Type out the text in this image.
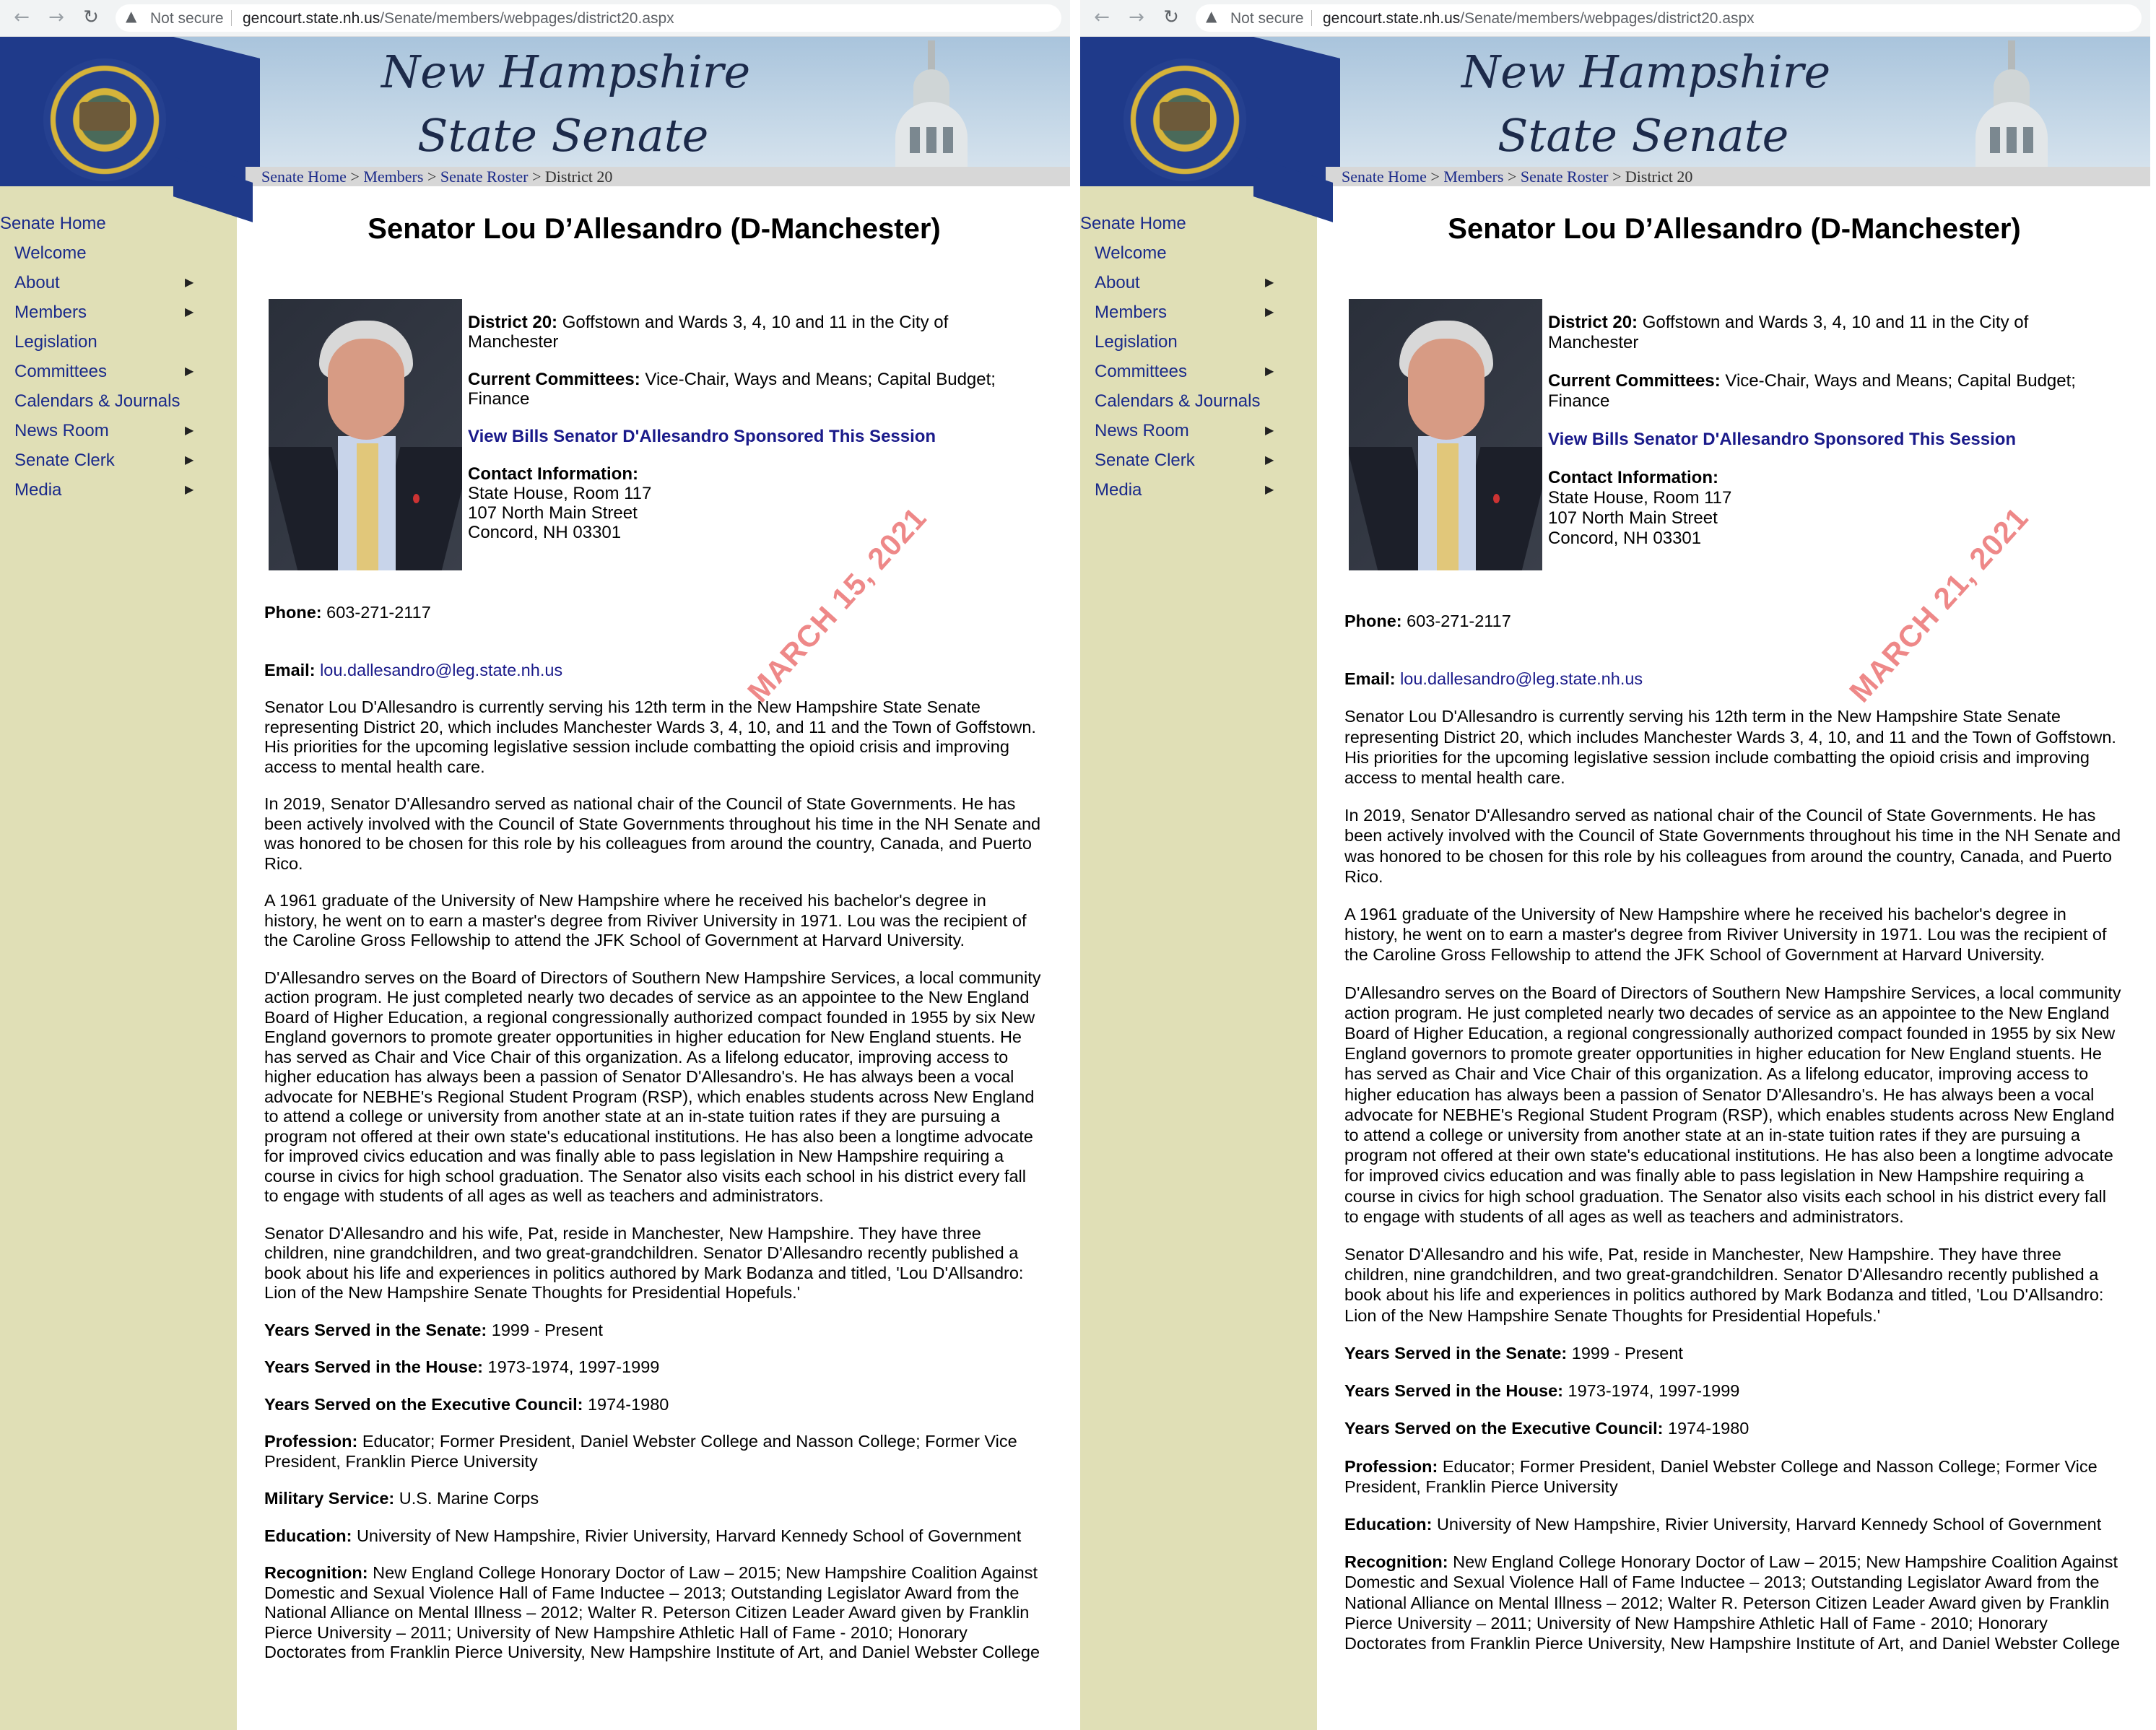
← → ↻ ▲ Not secure gencourt.state.nh.us/Senate/members/webpages/district20.aspx
New Hampshire
State Senate
Senate Home > Members > Senate Roster > District 20
Senate Home
Welcome
About	▶
Members	▶
Legislation
Committees	▶
Calendars & Journals
News Room	▶
Senate Clerk	▶
Media	▶
Senator Lou D’Allesandro (D-Manchester)

District 20: Goffstown and Wards 3, 4, 10 and 11 in the City of Manchester

Current Committees: Vice-Chair, Ways and Means; Capital Budget; Finance

View Bills Senator D'Allesandro Sponsored This Session

Contact Information:
State House, Room 117
107 North Main Street
Concord, NH 03301	MARCH 15, 2021

Phone: 603-271-2117

Email: lou.dallesandro@leg.state.nh.us

Senator Lou D'Allesandro is currently serving his 12th term in the New Hampshire State Senate representing District 20, which includes Manchester Wards 3, 4, 10, and 11 and the Town of Goffstown. His priorities for the upcoming legislative session include combatting the opioid crisis and improving access to mental health care.

In 2019, Senator D'Allesandro served as national chair of the Council of State Governments. He has been actively involved with the Council of State Governments throughout his time in the NH Senate and was honored to be chosen for this role by his colleagues from around the country, Canada, and Puerto Rico.

A 1961 graduate of the University of New Hampshire where he received his bachelor's degree in history, he went on to earn a master's degree from Riviver University in 1971. Lou was the recipient of the Caroline Gross Fellowship to attend the JFK School of Government at Harvard University.

D'Allesandro serves on the Board of Directors of Southern New Hampshire Services, a local community action program. He just completed nearly two decades of service as an appointee to the New England Board of Higher Education, a regional congressionally authorized compact founded in 1955 by six New England governors to promote greater opportunities in higher education for New England stuents. He has served as Chair and Vice Chair of this organization. As a lifelong educator, improving access to higher education has always been a passion of Senator D'Allesandro's. He has always been a vocal advocate for NEBHE's Regional Student Program (RSP), which enables students across New England to attend a college or university from another state at an in-state tuition rates if they are pursuing a program not offered at their own state's educational institutions. He has also been a longtime advocate for improved civics education and was finally able to pass legislation in New Hampshire requiring a course in civics for high school graduation. The Senator also visits each school in his district every fall to engage with students of all ages as well as teachers and administrators.

Senator D'Allesandro and his wife, Pat, reside in Manchester, New Hampshire. They have three children, nine grandchildren, and two great-grandchildren. Senator D'Allesandro recently published a book about his life and experiences in politics authored by Mark Bodanza and titled, 'Lou D'Allsandro: Lion of the New Hampshire Senate Thoughts for Presidential Hopefuls.'

Years Served in the Senate: 1999 - Present

Years Served in the House: 1973-1974, 1997-1999

Years Served on the Executive Council: 1974-1980

Profession: Educator; Former President, Daniel Webster College and Nasson College; Former Vice President, Franklin Pierce University

Military Service: U.S. Marine Corps

Education: University of New Hampshire, Rivier University, Harvard Kennedy School of Government

Recognition: New England College Honorary Doctor of Law – 2015; New Hampshire Coalition Against Domestic and Sexual Violence Hall of Fame Inductee – 2013; Outstanding Legislator Award from the National Alliance on Mental Illness – 2012; Walter R. Peterson Citizen Leader Award given by Franklin Pierce University – 2011; University of New Hampshire Athletic Hall of Fame - 2010; Honorary Doctorates from Franklin Pierce University, New Hampshire Institute of Art, and Daniel Webster College

← → ↻ ▲ Not secure gencourt.state.nh.us/Senate/members/webpages/district20.aspx
New Hampshire
State Senate
Senate Home > Members > Senate Roster > District 20
Senate Home
Welcome
About	▶
Members	▶
Legislation
Committees	▶
Calendars & Journals
News Room	▶
Senate Clerk	▶
Media	▶
Senator Lou D’Allesandro (D-Manchester)

District 20: Goffstown and Wards 3, 4, 10 and 11 in the City of Manchester

Current Committees: Vice-Chair, Ways and Means; Capital Budget; Finance

View Bills Senator D'Allesandro Sponsored This Session

Contact Information:
State House, Room 117
107 North Main Street
Concord, NH 03301	MARCH 21, 2021

Phone: 603-271-2117

Email: lou.dallesandro@leg.state.nh.us

Senator Lou D'Allesandro is currently serving his 12th term in the New Hampshire State Senate representing District 20, which includes Manchester Wards 3, 4, 10, and 11 and the Town of Goffstown. His priorities for the upcoming legislative session include combatting the opioid crisis and improving access to mental health care.

In 2019, Senator D'Allesandro served as national chair of the Council of State Governments. He has been actively involved with the Council of State Governments throughout his time in the NH Senate and was honored to be chosen for this role by his colleagues from around the country, Canada, and Puerto Rico.

A 1961 graduate of the University of New Hampshire where he received his bachelor's degree in history, he went on to earn a master's degree from Riviver University in 1971. Lou was the recipient of the Caroline Gross Fellowship to attend the JFK School of Government at Harvard University.

D'Allesandro serves on the Board of Directors of Southern New Hampshire Services, a local community action program. He just completed nearly two decades of service as an appointee to the New England Board of Higher Education, a regional congressionally authorized compact founded in 1955 by six New England governors to promote greater opportunities in higher education for New England stuents. He has served as Chair and Vice Chair of this organization. As a lifelong educator, improving access to higher education has always been a passion of Senator D'Allesandro's. He has always been a vocal advocate for NEBHE's Regional Student Program (RSP), which enables students across New England to attend a college or university from another state at an in-state tuition rates if they are pursuing a program not offered at their own state's educational institutions. He has also been a longtime advocate for improved civics education and was finally able to pass legislation in New Hampshire requiring a course in civics for high school graduation. The Senator also visits each school in his district every fall to engage with students of all ages as well as teachers and administrators.

Senator D'Allesandro and his wife, Pat, reside in Manchester, New Hampshire. They have three children, nine grandchildren, and two great-grandchildren. Senator D'Allesandro recently published a book about his life and experiences in politics authored by Mark Bodanza and titled, 'Lou D'Allsandro: Lion of the New Hampshire Senate Thoughts for Presidential Hopefuls.'

Years Served in the Senate: 1999 - Present

Years Served in the House: 1973-1974, 1997-1999

Years Served on the Executive Council: 1974-1980

Profession: Educator; Former President, Daniel Webster College and Nasson College; Former Vice President, Franklin Pierce University

Education: University of New Hampshire, Rivier University, Harvard Kennedy School of Government

Recognition: New England College Honorary Doctor of Law – 2015; New Hampshire Coalition Against Domestic and Sexual Violence Hall of Fame Inductee – 2013; Outstanding Legislator Award from the National Alliance on Mental Illness – 2012; Walter R. Peterson Citizen Leader Award given by Franklin Pierce University – 2011; University of New Hampshire Athletic Hall of Fame - 2010; Honorary Doctorates from Franklin Pierce University, New Hampshire Institute of Art, and Daniel Webster College
